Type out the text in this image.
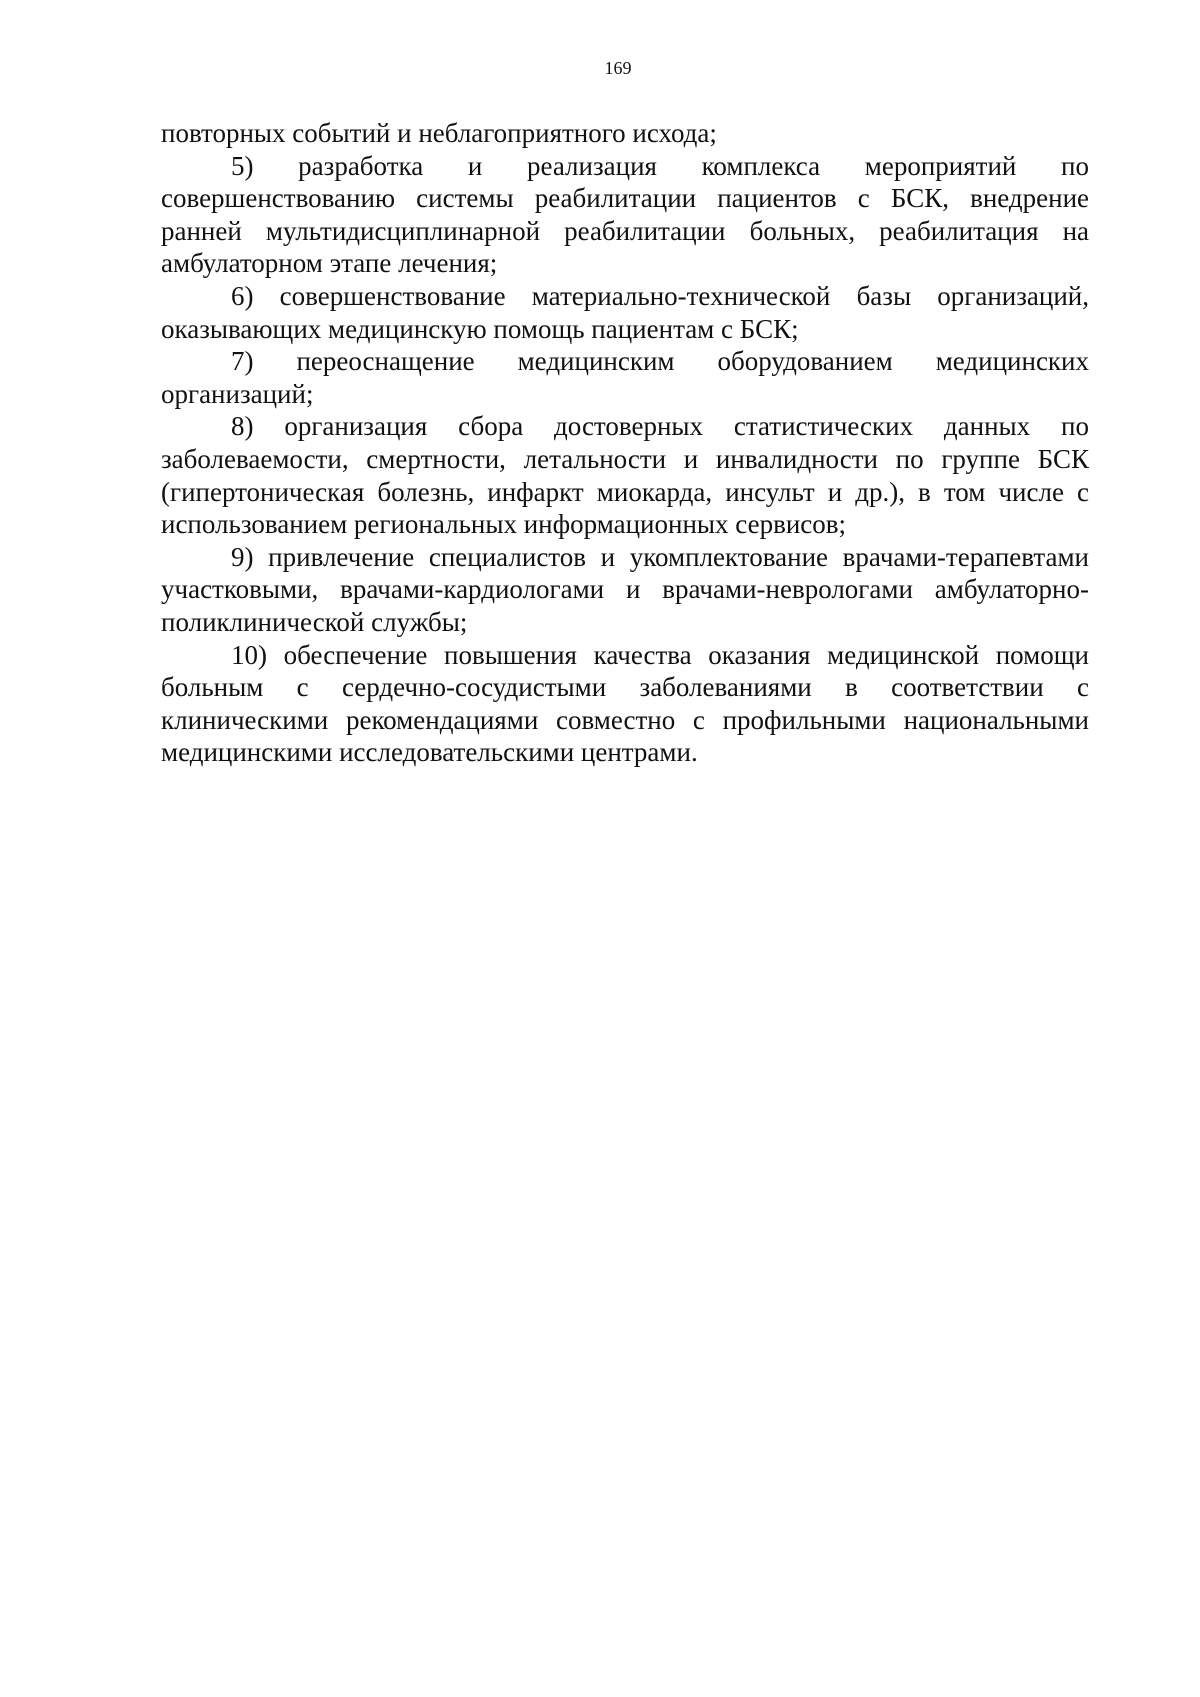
169

повторных событий и неблагоприятного исхода;

5) разработка и реализация комплекса мероприятий по совершенствованию системы реабилитации пациентов с БСК, внедрение ранней мультидисциплинарной реабилитации больных, реабилитация на амбулаторном этапе лечения;

6) совершенствование материально-технической базы организаций, оказывающих медицинскую помощь пациентам с БСК;

7) переоснащение медицинским оборудованием медицинских организаций;

8) организация сбора достоверных статистических данных по заболеваемости, смертности, летальности и инвалидности по группе БСК (гипертоническая болезнь, инфаркт миокарда, инсульт и др.), в том числе с использованием региональных информационных сервисов;

9) привлечение специалистов и укомплектование врачами-терапевтами участковыми, врачами-кардиологами и врачами-неврологами амбулаторно-поликлинической службы;

10) обеспечение повышения качества оказания медицинской помощи больным с сердечно-сосудистыми заболеваниями в соответствии с клиническими рекомендациями совместно с профильными национальными медицинскими исследовательскими центрами.
